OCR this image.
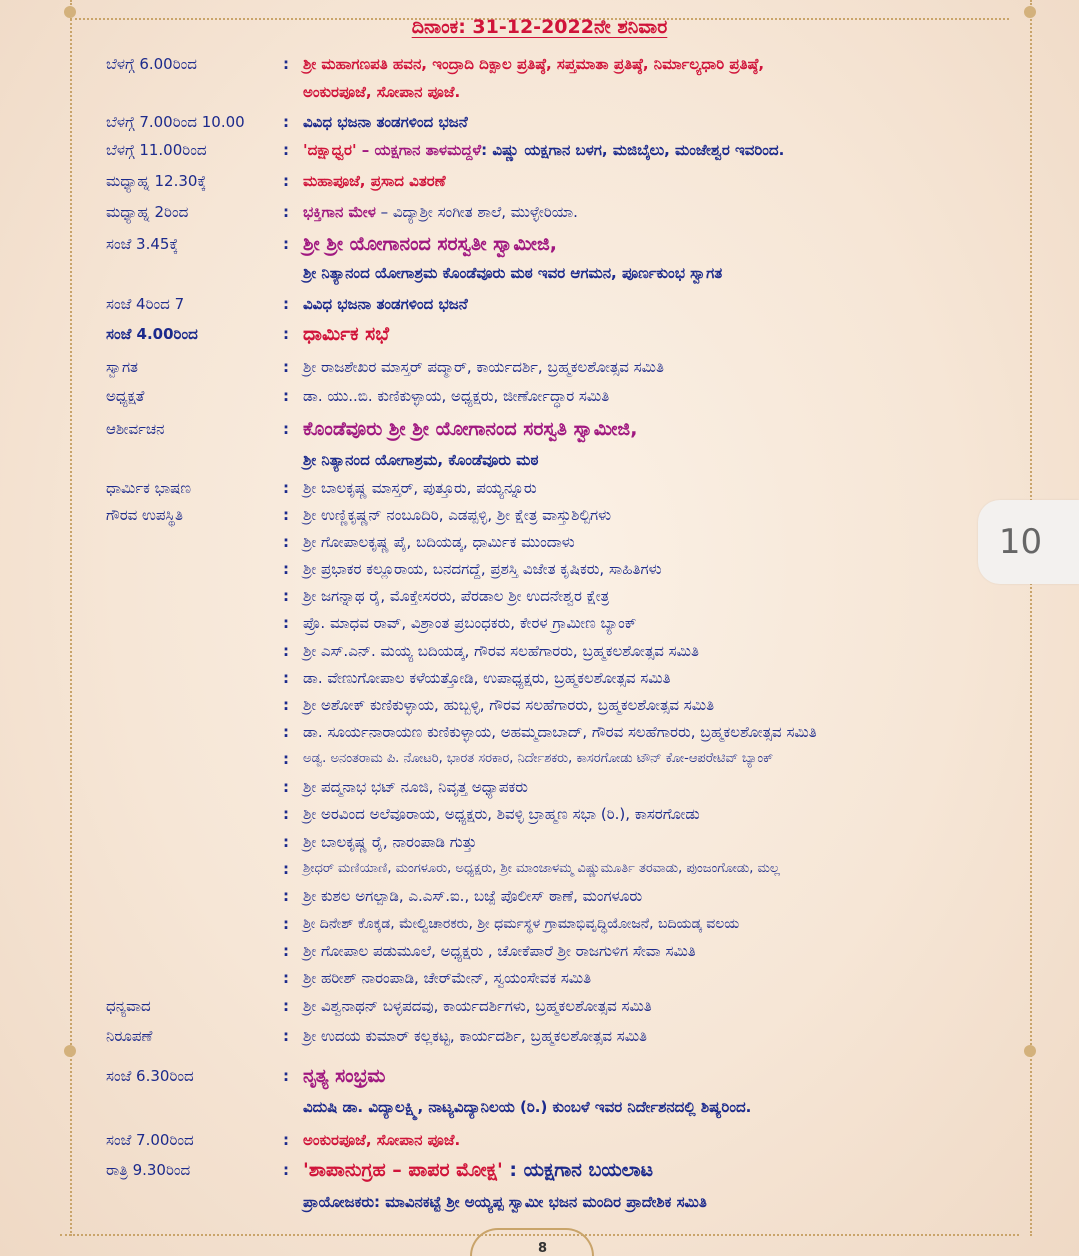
8
10
ದಿನಾಂಕ: 31-12-2022ನೇ ಶನಿವಾರ
ಬೆಳಗ್ಗೆ 6.00ರಿಂದ	: ಶ್ರೀ ಮಹಾಗಣಪತಿ ಹವನ, ಇಂದ್ರಾದಿ ದಿಕ್ಪಾಲ ಪ್ರತಿಷ್ಠೆ, ಸಪ್ತಮಾತಾ ಪ್ರತಿಷ್ಠೆ, ನಿರ್ಮಾಲ್ಯಧಾರಿ ಪ್ರತಿಷ್ಠೆ,
ಅಂಕುರಪೂಜೆ, ಸೋಪಾನ ಪೂಜೆ.
ಬೆಳಗ್ಗೆ 7.00ರಿಂದ 10.00	: ವಿವಿಧ ಭಜನಾ ತಂಡಗಳಿಂದ ಭಜನೆ
ಬೆಳಗ್ಗೆ 11.00ರಿಂದ	: 'ದಕ್ಷಾಧ್ವರ' – ಯಕ್ಷಗಾನ ತಾಳಮದ್ದಳೆ: ವಿಷ್ಣು ಯಕ್ಷಗಾನ ಬಳಗ, ಮಜಿಬೈಲು, ಮಂಜೇಶ್ವರ ಇವರಿಂದ.
ಮಧ್ಯಾಹ್ನ 12.30ಕ್ಕೆ	: ಮಹಾಪೂಜೆ, ಪ್ರಸಾದ ವಿತರಣೆ
ಮಧ್ಯಾಹ್ನ 2ರಿಂದ	: ಭಕ್ತಿಗಾನ ಮೇಳ – ವಿದ್ಯಾಶ್ರೀ ಸಂಗೀತ ಶಾಲೆ, ಮುಳ್ಳೇರಿಯಾ.
ಸಂಜೆ 3.45ಕ್ಕೆ	: ಶ್ರೀ ಶ್ರೀ ಯೋಗಾನಂದ ಸರಸ್ವತೀ ಸ್ವಾಮೀಜಿ,
ಶ್ರೀ ನಿತ್ಯಾನಂದ ಯೋಗಾಶ್ರಮ ಕೊಂಡೆವೂರು ಮಠ ಇವರ ಆಗಮನ, ಪೂರ್ಣಕುಂಭ ಸ್ವಾಗತ
ಸಂಜೆ 4ರಿಂದ 7	: ವಿವಿಧ ಭಜನಾ ತಂಡಗಳಿಂದ ಭಜನೆ
ಸಂಜೆ 4.00ರಿಂದ	: ಧಾರ್ಮಿಕ ಸಭೆ
ಸ್ವಾಗತ	: ಶ್ರೀ ರಾಜಶೇಖರ ಮಾಸ್ತರ್ ಪದ್ಮಾರ್, ಕಾರ್ಯದರ್ಶಿ, ಬ್ರಹ್ಮಕಲಶೋತ್ಸವ ಸಮಿತಿ
ಅಧ್ಯಕ್ಷತೆ	: ಡಾ. ಯು..ಬಿ. ಕುಣಿಕುಳ್ಳಾಯ, ಅಧ್ಯಕ್ಷರು, ಜೀರ್ಣೋದ್ಧಾರ ಸಮಿತಿ
ಆಶೀರ್ವಚನ	: ಕೊಂಡೆವೂರು ಶ್ರೀ ಶ್ರೀ ಯೋಗಾನಂದ ಸರಸ್ವತಿ ಸ್ವಾಮೀಜಿ,
ಶ್ರೀ ನಿತ್ಯಾನಂದ ಯೋಗಾಶ್ರಮ, ಕೊಂಡೆವೂರು ಮಠ
ಧಾರ್ಮಿಕ ಭಾಷಣ	: ಶ್ರೀ ಬಾಲಕೃಷ್ಣ ಮಾಸ್ತರ್, ಪುತ್ತೂರು, ಪಯ್ಯನ್ನೂರು
ಗೌರವ ಉಪಸ್ಥಿತಿ	: ಶ್ರೀ ಉಣ್ಣಿಕೃಷ್ಣನ್ ನಂಬೂದಿರಿ, ಎಡಪ್ಪಳ್ಳಿ, ಶ್ರೀ ಕ್ಷೇತ್ರ ವಾಸ್ತುಶಿಲ್ಪಿಗಳು
: ಶ್ರೀ ಗೋಪಾಲಕೃಷ್ಣ ಪೈ, ಬದಿಯಡ್ಕ, ಧಾರ್ಮಿಕ ಮುಂದಾಳು
: ಶ್ರೀ ಪ್ರಭಾಕರ ಕಲ್ಲೂರಾಯ, ಬನದಗದ್ದೆ, ಪ್ರಶಸ್ತಿ ವಿಜೇತ ಕೃಷಿಕರು, ಸಾಹಿತಿಗಳು
: ಶ್ರೀ ಜಗನ್ನಾಥ ರೈ, ಮೊಕ್ತೇಸರರು, ಪೆರಡಾಲ ಶ್ರೀ ಉದನೇಶ್ವರ ಕ್ಷೇತ್ರ
: ಪ್ರೊ. ಮಾಧವ ರಾವ್, ವಿಶ್ರಾಂತ ಪ್ರಬಂಧಕರು, ಕೇರಳ ಗ್ರಾಮೀಣ ಬ್ಯಾಂಕ್
: ಶ್ರೀ ಎಸ್.ಎನ್. ಮಯ್ಯ ಬದಿಯಡ್ಕ, ಗೌರವ ಸಲಹೆಗಾರರು, ಬ್ರಹ್ಮಕಲಶೋತ್ಸವ ಸಮಿತಿ
: ಡಾ. ವೇಣುಗೋಪಾಲ ಕಳೆಯತ್ತೋಡಿ, ಉಪಾಧ್ಯಕ್ಷರು, ಬ್ರಹ್ಮಕಲಶೋತ್ಸವ ಸಮಿತಿ
: ಶ್ರೀ ಅಶೋಕ್ ಕುಣಿಕುಳ್ಳಾಯ, ಹುಬ್ಬಳ್ಳಿ, ಗೌರವ ಸಲಹೆಗಾರರು, ಬ್ರಹ್ಮಕಲಶೋತ್ಸವ ಸಮಿತಿ
: ಡಾ. ಸೂರ್ಯನಾರಾಯಣ ಕುಣಿಕುಳ್ಳಾಯ, ಅಹಮ್ಮದಾಬಾದ್, ಗೌರವ ಸಲಹೆಗಾರರು, ಬ್ರಹ್ಮಕಲಶೋತ್ಸವ ಸಮಿತಿ
: ಅಡ್ವ. ಅನಂತರಾಮ ಪಿ. ನೋಟರಿ, ಭಾರತ ಸರಕಾರ, ನಿರ್ದೇಶಕರು, ಕಾಸರಗೋಡು ಟೌನ್ ಕೋ-ಆಪರೇಟಿವ್ ಬ್ಯಾಂಕ್
: ಶ್ರೀ ಪದ್ಮನಾಭ ಭಟ್ ನೂಜಿ, ನಿವೃತ್ತ ಅಧ್ಯಾಪಕರು
: ಶ್ರೀ ಅರವಿಂದ ಅಲೆವೂರಾಯ, ಅಧ್ಯಕ್ಷರು, ಶಿವಳ್ಳಿ ಬ್ರಾಹ್ಮಣ ಸಭಾ (ರಿ.), ಕಾಸರಗೋಡು
: ಶ್ರೀ ಬಾಲಕೃಷ್ಣ ರೈ, ನಾರಂಪಾಡಿ ಗುತ್ತು
: ಶ್ರೀಧರ್ ಮಣಿಯಾಣಿ, ಮಂಗಳೂರು, ಅಧ್ಯಕ್ಷರು, ಶ್ರೀ ಮಾಂಜಾಳಮ್ಮ ವಿಷ್ಣುಮೂರ್ತಿ ತರವಾಡು, ಪುಂಜಂಗೋಡು, ಮಲ್ಲ
: ಶ್ರೀ ಕುಶಲ ಅಗಲ್ಪಾಡಿ, ಎ.ಎಸ್.ಐ., ಬಜ್ಪೆ ಪೊಲೀಸ್ ಠಾಣೆ, ಮಂಗಳೂರು
: ಶ್ರೀ ದಿನೇಶ್ ಕೊಕ್ಕಡ, ಮೇಲ್ವಿಚಾರಕರು, ಶ್ರೀ ಧರ್ಮಸ್ಥಳ ಗ್ರಾಮಾಭಿವೃದ್ಧಿಯೋಜನೆ, ಬದಿಯಡ್ಕ ವಲಯ
: ಶ್ರೀ ಗೋಪಾಲ ಪಡುಮೂಲೆ, ಅಧ್ಯಕ್ಷರು , ಚೋಕೆಪಾರೆ ಶ್ರೀ ರಾಜಗುಳಿಗ ಸೇವಾ ಸಮಿತಿ
: ಶ್ರೀ ಹರೀಶ್ ನಾರಂಪಾಡಿ, ಚೇರ್‌ಮೇನ್, ಸ್ವಯಂಸೇವಕ ಸಮಿತಿ
ಧನ್ಯವಾದ	: ಶ್ರೀ ವಿಶ್ವನಾಥನ್ ಬಳ್ಳಪದವು, ಕಾರ್ಯದರ್ಶಿಗಳು, ಬ್ರಹ್ಮಕಲಶೋತ್ಸವ ಸಮಿತಿ
ನಿರೂಪಣೆ	: ಶ್ರೀ ಉದಯ ಕುಮಾರ್ ಕಲ್ಲಕಟ್ಟ, ಕಾರ್ಯದರ್ಶಿ, ಬ್ರಹ್ಮಕಲಶೋತ್ಸವ ಸಮಿತಿ
ಸಂಜೆ 6.30ರಿಂದ	: ನೃತ್ಯ ಸಂಭ್ರಮ
ವಿದುಷಿ ಡಾ. ವಿದ್ಯಾಲಕ್ಷ್ಮಿ, ನಾಟ್ಯವಿದ್ಯಾನಿಲಯ (ರಿ.) ಕುಂಬಳೆ ಇವರ ನಿರ್ದೇಶನದಲ್ಲಿ ಶಿಷ್ಯರಿಂದ.
ಸಂಜೆ 7.00ರಿಂದ	: ಅಂಕುರಪೂಜೆ, ಸೋಪಾನ ಪೂಜೆ.
ರಾತ್ರಿ 9.30ರಿಂದ	: 'ಶಾಪಾನುಗ್ರಹ – ಪಾಪರ ಮೋಕ್ಷ' : ಯಕ್ಷಗಾನ ಬಯಲಾಟ
ಪ್ರಾಯೋಜಕರು: ಮಾವಿನಕಟ್ಟೆ ಶ್ರೀ ಅಯ್ಯಪ್ಪ ಸ್ವಾಮೀ ಭಜನ ಮಂದಿರ ಪ್ರಾದೇಶಿಕ ಸಮಿತಿ
